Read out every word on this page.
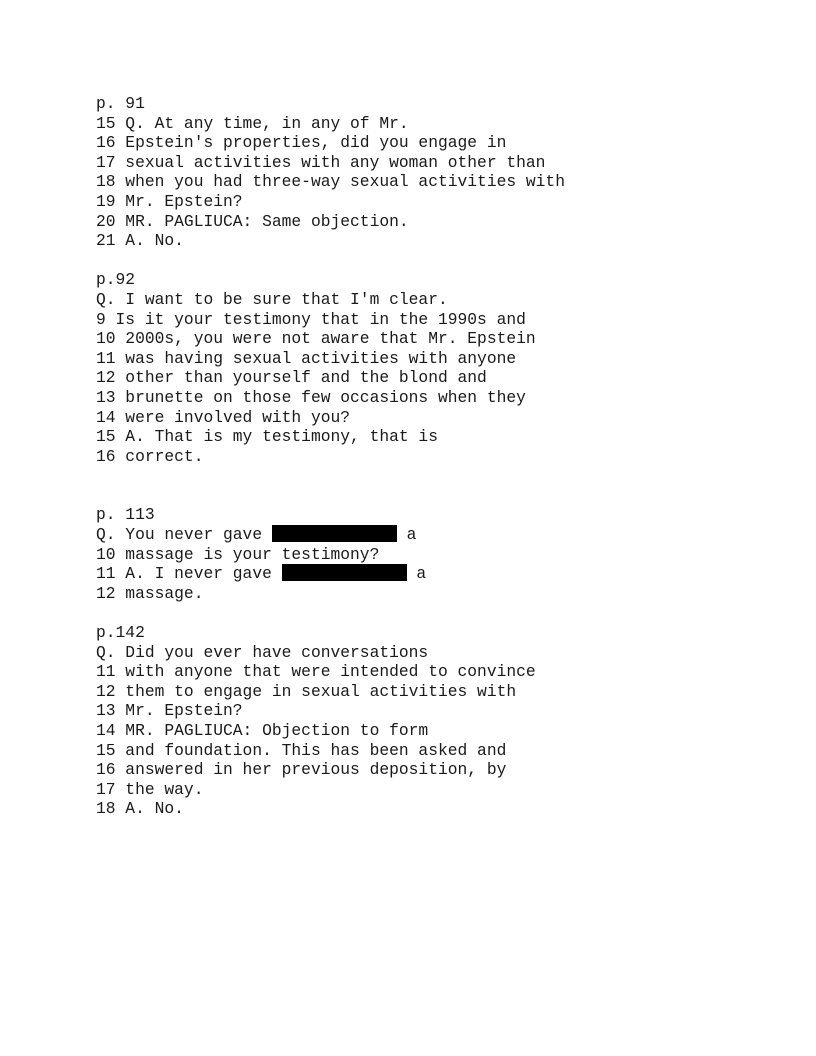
p. 91
15 Q. At any time, in any of Mr.
16 Epstein's properties, did you engage in
17 sexual activities with any woman other than
18 when you had three-way sexual activities with
19 Mr. Epstein?
20 MR. PAGLIUCA: Same objection.
21 A. No.
p.92
Q. I want to be sure that I'm clear.
9 Is it your testimony that in the 1990s and
10 2000s, you were not aware that Mr. Epstein
11 was having sexual activities with anyone
12 other than yourself and the blond and
13 brunette on those few occasions when they
14 were involved with you?
15 A. That is my testimony, that is
16 correct.
p. 113
Q. You never gave	a
10 massage is your testimony?
11 A. I never gave	a
12 massage.
p.142
Q. Did you ever have conversations
11 with anyone that were intended to convince
12 them to engage in sexual activities with
13 Mr. Epstein?
14 MR. PAGLIUCA: Objection to form
15 and foundation. This has been asked and
16 answered in her previous deposition, by
17 the way.
18 A. No.
